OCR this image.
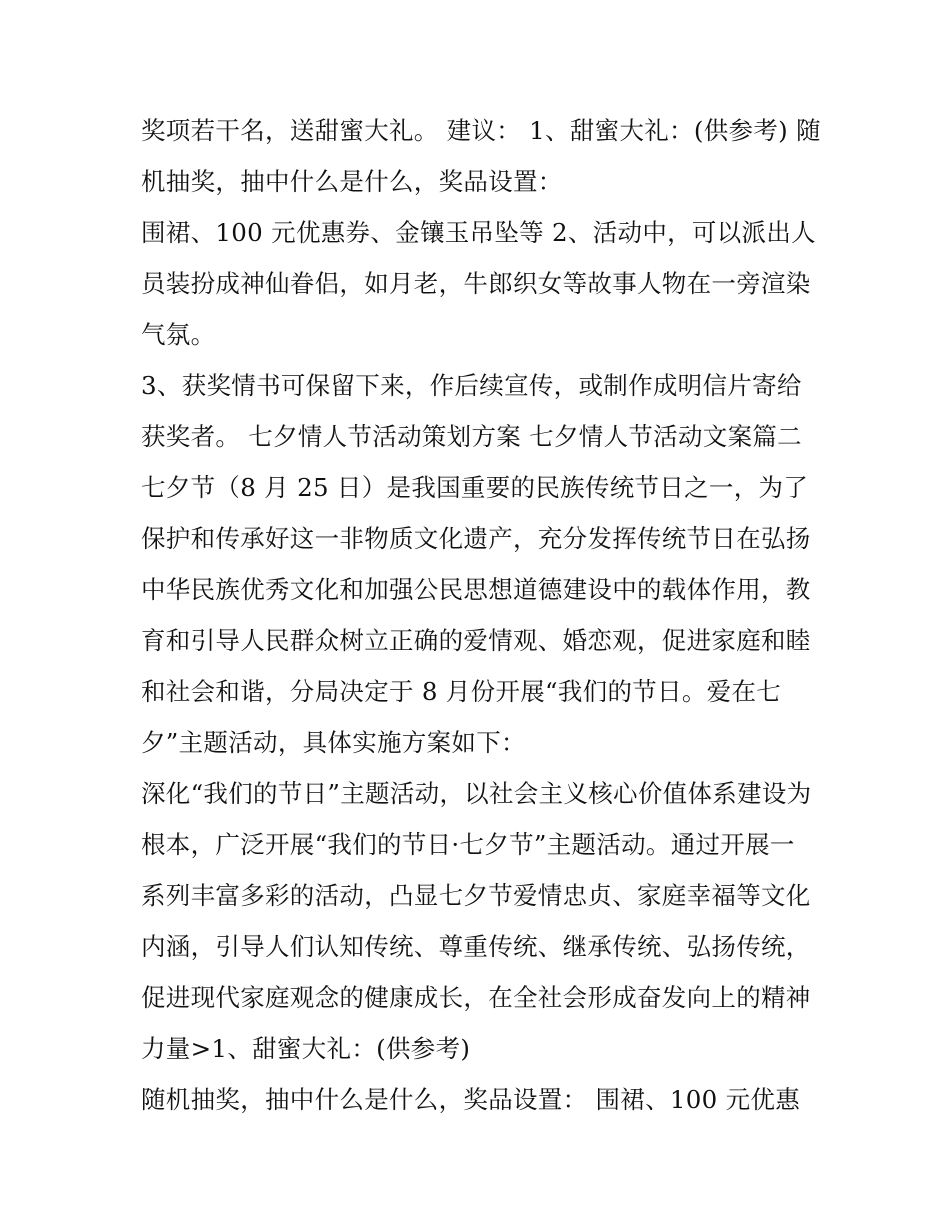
奖项若干名，送甜蜜大礼。 建议： 1、甜蜜大礼：(供参考) 随
机抽奖，抽中什么是什么，奖品设置：
围裙、100 元优惠券、金镶玉吊坠等 2、活动中，可以派出人
员装扮成神仙眷侣，如月老，牛郎织女等故事人物在一旁渲染
气氛。
3、获奖情书可保留下来，作后续宣传，或制作成明信片寄给
获奖者。 七夕情人节活动策划方案 七夕情人节活动文案篇二
七夕节（8 月 25 日）是我国重要的民族传统节日之一，为了
保护和传承好这一非物质文化遗产，充分发挥传统节日在弘扬
中华民族优秀文化和加强公民思想道德建设中的载体作用，教
育和引导人民群众树立正确的爱情观、婚恋观，促进家庭和睦
和社会和谐，分局决定于 8 月份开展“我们的节日。爱在七
夕”主题活动，具体实施方案如下：
深化“我们的节日”主题活动，以社会主义核心价值体系建设为
根本，广泛开展“我们的节日·七夕节”主题活动。通过开展一
系列丰富多彩的活动，凸显七夕节爱情忠贞、家庭幸福等文化
内涵，引导人们认知传统、尊重传统、继承传统、弘扬传统，
促进现代家庭观念的健康成长，在全社会形成奋发向上的精神
力量>1、甜蜜大礼：(供参考)
随机抽奖，抽中什么是什么，奖品设置： 围裙、100 元优惠
